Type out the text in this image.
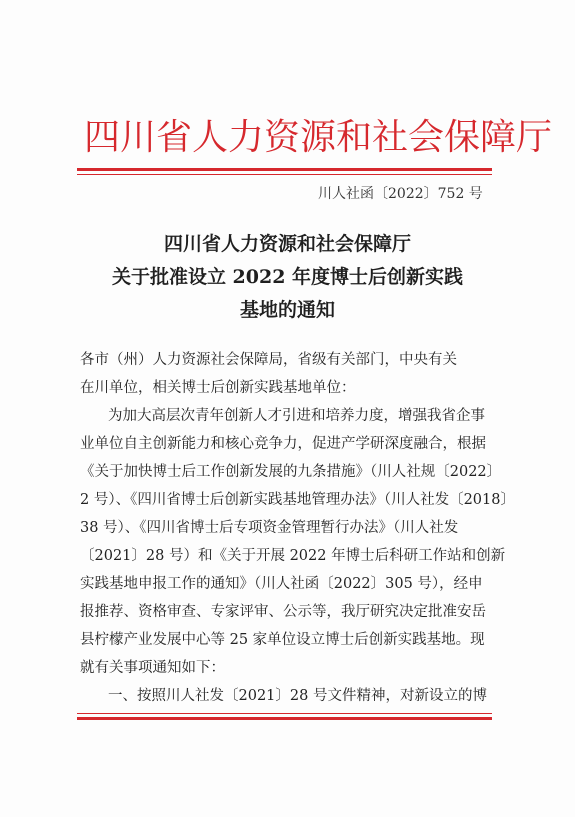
四川省人力资源和社会保障厅
川人社函〔2022〕752 号
四川省人力资源和社会保障厅
关于批准设立 2022 年度博士后创新实践
基地的通知
各市（州）人力资源社会保障局，省级有关部门，中央有关
在川单位，相关博士后创新实践基地单位：
为加大高层次青年创新人才引进和培养力度，增强我省企事
业单位自主创新能力和核心竞争力，促进产学研深度融合，根据
《关于加快博士后工作创新发展的九条措施》（川人社规〔2022〕
2 号）、《四川省博士后创新实践基地管理办法》（川人社发〔2018〕
38 号）、《四川省博士后专项资金管理暂行办法》（川人社发
〔2021〕28 号）和《关于开展 2022 年博士后科研工作站和创新
实践基地申报工作的通知》（川人社函〔2022〕305 号），经申
报推荐、资格审查、专家评审、公示等，我厅研究决定批准安岳
县柠檬产业发展中心等 25 家单位设立博士后创新实践基地。现
就有关事项通知如下：
一、按照川人社发〔2021〕28 号文件精神，对新设立的博
